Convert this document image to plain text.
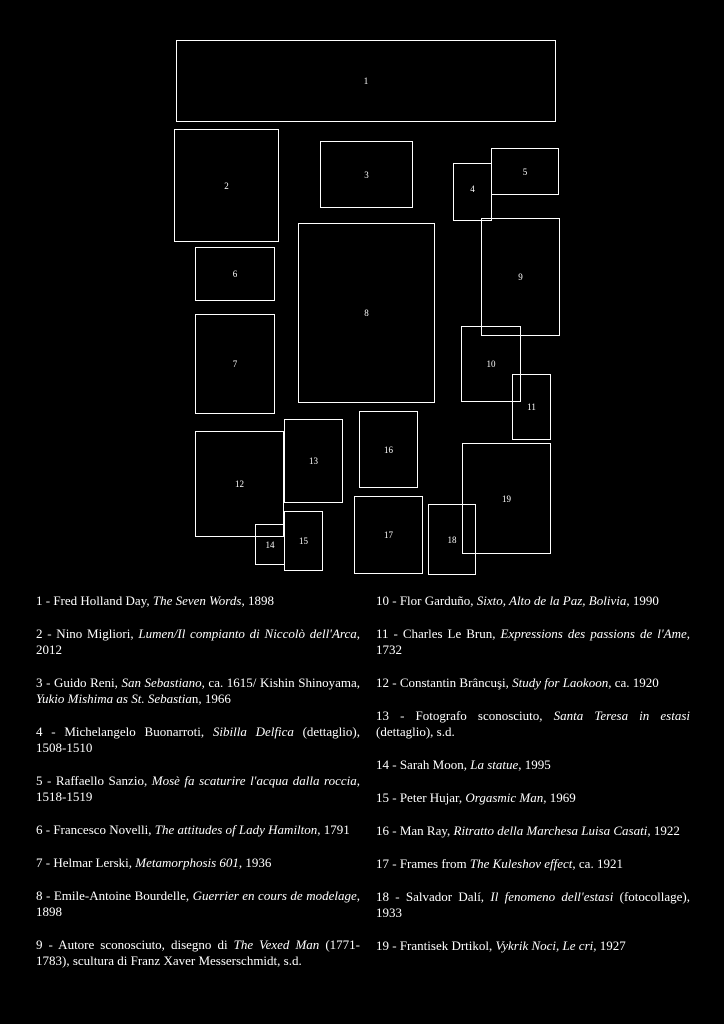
1
2
3
4
5
6
7
8
9
10
11
12
13
14	15
16
17	18
19

1 - Fred Holland Day, The Seven Words, 1898

2 - Nino Migliori, Lumen/Il compianto di Niccolò dell'Arca, 2012

3 - Guido Reni, San Sebastiano, ca. 1615/ Kishin Shinoyama, Yukio Mishima as St. Sebastian, 1966

4 - Michelangelo Buonarroti, Sibilla Delfica (dettaglio), 1508-1510

5 - Raffaello Sanzio, Mosè fa scaturire l'acqua dalla roccia, 1518-1519

6 - Francesco Novelli, The attitudes of Lady Hamilton, 1791

7 - Helmar Lerski, Metamorphosis 601, 1936

8 - Emile-Antoine Bourdelle, Guerrier en cours de modelage, 1898

9 - Autore sconosciuto, disegno di The Vexed Man (1771-1783), scultura di Franz Xaver Messerschmidt, s.d.

10 - Flor Garduño, Sixto, Alto de la Paz, Bolivia, 1990

11 - Charles Le Brun, Expressions des passions de l'Ame, 1732

12 - Constantin Brâncuşi, Study for Laokoon, ca. 1920

13 - Fotografo sconosciuto, Santa Teresa in estasi (dettaglio), s.d.

14 - Sarah Moon, La statue, 1995

15 - Peter Hujar, Orgasmic Man, 1969

16 - Man Ray, Ritratto della Marchesa Luisa Casati, 1922

17 - Frames from The Kuleshov effect, ca. 1921

18 - Salvador Dalí, Il fenomeno dell'estasi (fotocollage), 1933

19 - Frantisek Drtikol, Vykrik Noci, Le cri, 1927
